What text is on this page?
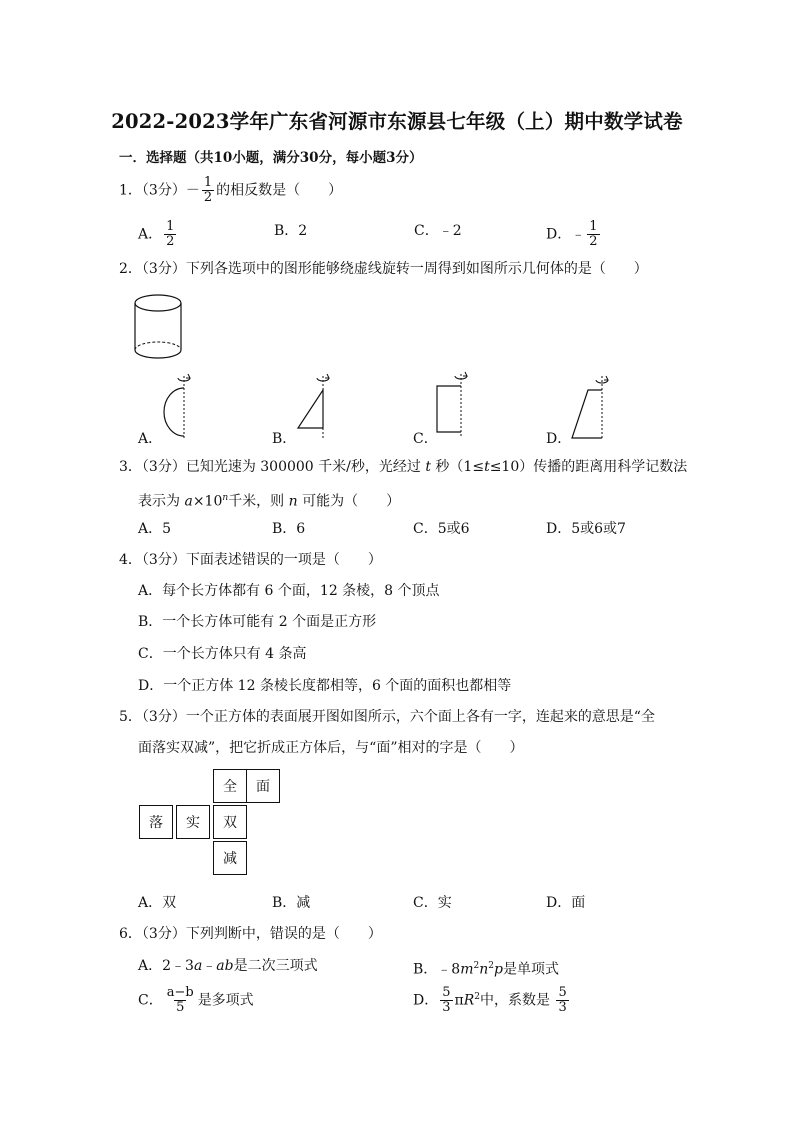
2022-2023学年广东省河源市东源县七年级（上）期中数学试卷
一．选择题（共10小题，满分30分，每小题3分）
1．（3分）－ $\frac{1}{2}$ 的相反数是（　　）
A． $\frac{1}{2}$	B．2	C．﹣2	D．﹣ $\frac{1}{2}$
2．（3分）下列各选项中的图形能够绕虚线旋转一周得到如图所示几何体的是（　　）
A．	B．	C．	D．
3．（3分）已知光速为 300000 千米/秒，光经过 t 秒（1≤t≤10）传播的距离用科学记数法
表示为 $a\times 10^n$千米，则 n 可能为（　　）
A．5	B．6	C．5或6	D．5或6或7
4．（3分）下面表述错误的一项是（　　）
A．每个长方体都有 6 个面，12 条棱，8 个顶点
B．一个长方体可能有 2 个面是正方形
C．一个长方体只有 4 条高
D．一个正方体 12 条棱长度都相等，6 个面的面积也都相等
5．（3分）一个正方体的表面展开图如图所示，六个面上各有一字，连起来的意思是“全
面落实双减”，把它折成正方体后，与“面”相对的字是（　　）
全	面
落	实	双
减
A．双	B．减	C．实	D．面
6．（3分）下列判断中，错误的是（　　）
A．2﹣3a﹣ab是二次三项式	B．$﹣8m^2n^2p$是单项式
C． $\frac{a-b}{5}$ 是多项式	D． $\frac{5}{3} \pi R^2$中，系数是 $\frac{5}{3}$
